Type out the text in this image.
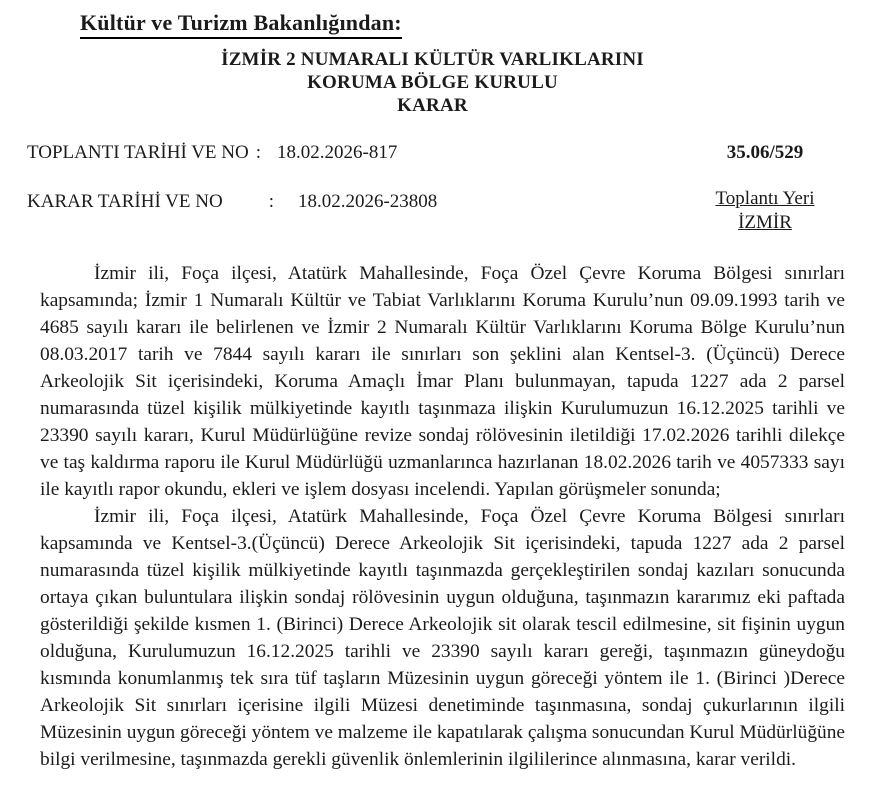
Kültür ve Turizm Bakanlığından:
İZMİR 2 NUMARALI KÜLTÜR VARLIKLARINI
KORUMA BÖLGE KURULU
KARAR
TOPLANTI TARİHİ VE NO : 18.02.2026-817	35.06/529
KARAR TARİHİ VE NO : 18.02.2026-23808	Toplantı Yeri
İZMİR

İzmir ili, Foça ilçesi, Atatürk Mahallesinde, Foça Özel Çevre Koruma Bölgesi sınırları kapsamında; İzmir 1 Numaralı Kültür ve Tabiat Varlıklarını Koruma Kurulu’nun 09.09.1993 tarih ve 4685 sayılı kararı ile belirlenen ve İzmir 2 Numaralı Kültür Varlıklarını Koruma Bölge Kurulu’nun 08.03.2017 tarih ve 7844 sayılı kararı ile sınırları son şeklini alan Kentsel-3. (Üçüncü) Derece Arkeolojik Sit içerisindeki, Koruma Amaçlı İmar Planı bulunmayan, tapuda 1227 ada 2 parsel numarasında tüzel kişilik mülkiyetinde kayıtlı taşınmaza ilişkin Kurulumuzun 16.12.2025 tarihli ve 23390 sayılı kararı, Kurul Müdürlüğüne revize sondaj rölövesinin iletildiği 17.02.2026 tarihli dilekçe ve taş kaldırma raporu ile Kurul Müdürlüğü uzmanlarınca hazırlanan 18.02.2026 tarih ve 4057333 sayı ile kayıtlı rapor okundu, ekleri ve işlem dosyası incelendi. Yapılan görüşmeler sonunda;

İzmir ili, Foça ilçesi, Atatürk Mahallesinde, Foça Özel Çevre Koruma Bölgesi sınırları kapsamında ve Kentsel-3.(Üçüncü) Derece Arkeolojik Sit içerisindeki, tapuda 1227 ada 2 parsel numarasında tüzel kişilik mülkiyetinde kayıtlı taşınmazda gerçekleştirilen sondaj kazıları sonucunda ortaya çıkan buluntulara ilişkin sondaj rölövesinin uygun olduğuna, taşınmazın kararımız eki paftada gösterildiği şekilde kısmen 1. (Birinci) Derece Arkeolojik sit olarak tescil edilmesine, sit fişinin uygun olduğuna, Kurulumuzun 16.12.2025 tarihli ve 23390 sayılı kararı gereği, taşınmazın güneydoğu kısmında konumlanmış tek sıra tüf taşların Müzesinin uygun göreceği yöntem ile 1. (Birinci )Derece Arkeolojik Sit sınırları içerisine ilgili Müzesi denetiminde taşınmasına, sondaj çukurlarının ilgili Müzesinin uygun göreceği yöntem ve malzeme ile kapatılarak çalışma sonucundan Kurul Müdürlüğüne bilgi verilmesine, taşınmazda gerekli güvenlik önlemlerinin ilgililerince alınmasına, karar verildi.
